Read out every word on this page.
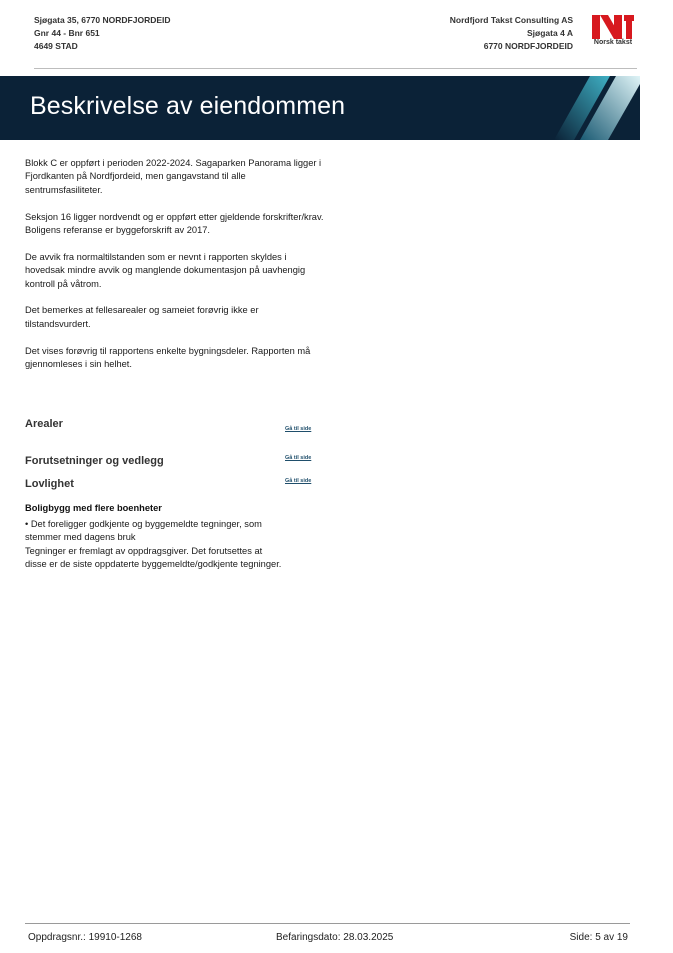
Sjøgata 35, 6770 NORDFJORDEID
Gnr 44 - Bnr 651
4649 STAD
Nordfjord Takst Consulting AS
Sjøgata 4 A
6770 NORDFJORDEID	Norsk takst
Beskrivelse av eiendommen

Blokk C er oppført i perioden 2022-2024. Sagaparken Panorama ligger i Fjordkanten på Nordfjordeid, men gangavstand til alle sentrumsfasiliteter.

Seksjon 16 ligger nordvendt og er oppført etter gjeldende forskrifter/krav. Boligens referanse er byggeforskrift av 2017.

De avvik fra normaltilstanden som er nevnt i rapporten skyldes i hovedsak mindre avvik og manglende dokumentasjon på uavhengig kontroll på våtrom.

Det bemerkes at fellesarealer og sameiet forøvrig ikke er tilstandsvurdert.

Det vises forøvrig til rapportens enkelte bygningsdeler. Rapporten må gjennomleses i sin helhet.

Arealer	Gå til side
Forutsetninger og vedlegg	Gå til side
Lovlighet	Gå til side
Boligbygg med flere boenheter
• Det foreligger godkjente og byggemeldte tegninger, som stemmer med dagens bruk
Tegninger er fremlagt av oppdragsgiver. Det forutsettes at disse er de siste oppdaterte byggemeldte/godkjente tegninger.
Oppdragsnr.: 19910-1268	Befaringsdato: 28.03.2025	Side: 5 av 19
